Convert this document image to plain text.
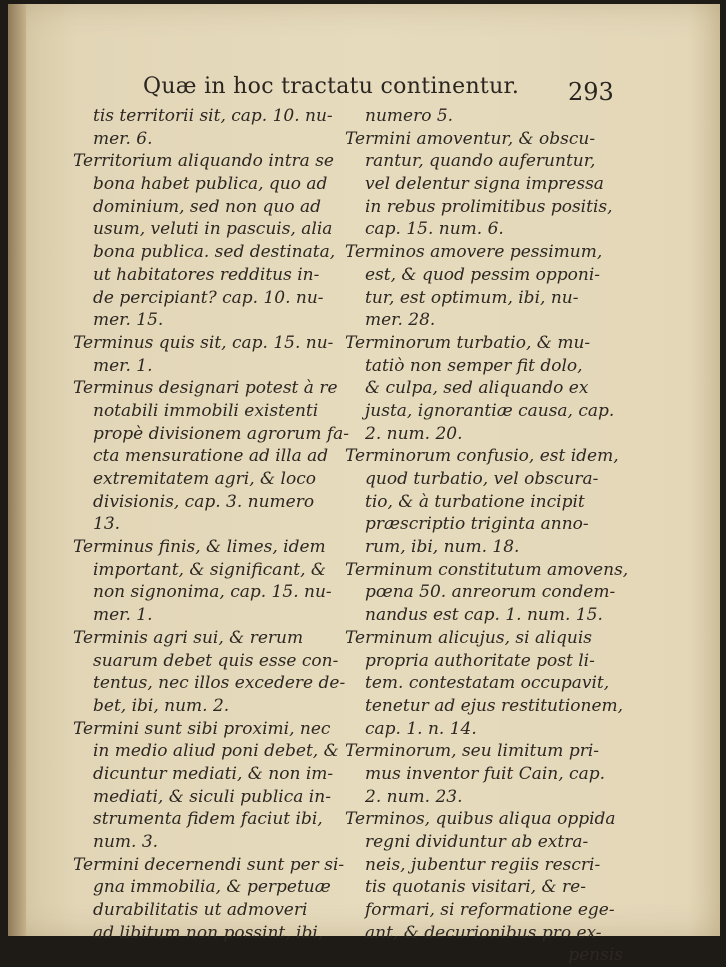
Quæ in hoc tractatu continentur.	293
tis territorii sit, cap. 10. nu-
mer. 6.
Territorium aliquando intra se
bona habet publica, quo ad
dominium, sed non quo ad
usum, veluti in pascuis, alia
bona publica. sed destinata,
ut habitatores redditus in-
de percipiant? cap. 10. nu-
mer. 15.
Terminus quis sit, cap. 15. nu-
mer. 1.
Terminus designari potest à re
notabili immobili existenti
propè divisionem agrorum fa-
cta mensuratione ad illa ad
extremitatem agri, & loco
divisionis, cap. 3. numero
13.
Terminus finis, & limes, idem
important, & significant, &
non signonima, cap. 15. nu-
mer. 1.
Terminis agri sui, & rerum
suarum debet quis esse con-
tentus, nec illos excedere de-
bet, ibi, num. 2.
Termini sunt sibi proximi, nec
in medio aliud poni debet, &
dicuntur mediati, & non im-
mediati, & siculi publica in-
strumenta fidem faciut ibi,
num. 3.
Termini decernendi sunt per si-
gna immobilia, & perpetuæ
durabilitatis ut admoveri
ad libitum non possint, ibi,
numero 5.
Termini amoventur, & obscu-
rantur, quando auferuntur,
vel delentur signa impressa
in rebus prolimitibus positis,
cap. 15. num. 6.
Terminos amovere pessimum,
est, & quod pessim opponi-
tur, est optimum, ibi, nu-
mer. 28.
Terminorum turbatio, & mu-
tatiò non semper fit dolo,
& culpa, sed aliquando ex
justa, ignorantiæ causa, cap.
2. num. 20.
Terminorum confusio, est idem,
quod turbatio, vel obscura-
tio, & à turbatione incipit
præscriptio triginta anno-
rum, ibi, num. 18.
Terminum constitutum amovens,
pœna 50. anreorum condem-
nandus est cap. 1. num. 15.
Terminum alicujus, si aliquis
propria authoritate post li-
tem. contestatam occupavit,
tenetur ad ejus restitutionem,
cap. 1. n. 14.
Terminorum, seu limitum pri-
mus inventor fuit Cain, cap.
2. num. 23.
Terminos, quibus aliqua oppida
regni dividuntur ab extra-
neis, jubentur regiis rescri-
tis quotanis visitari, & re-
formari, si reformatione ege-
ant, & decurionibus pro ex-
pensis
